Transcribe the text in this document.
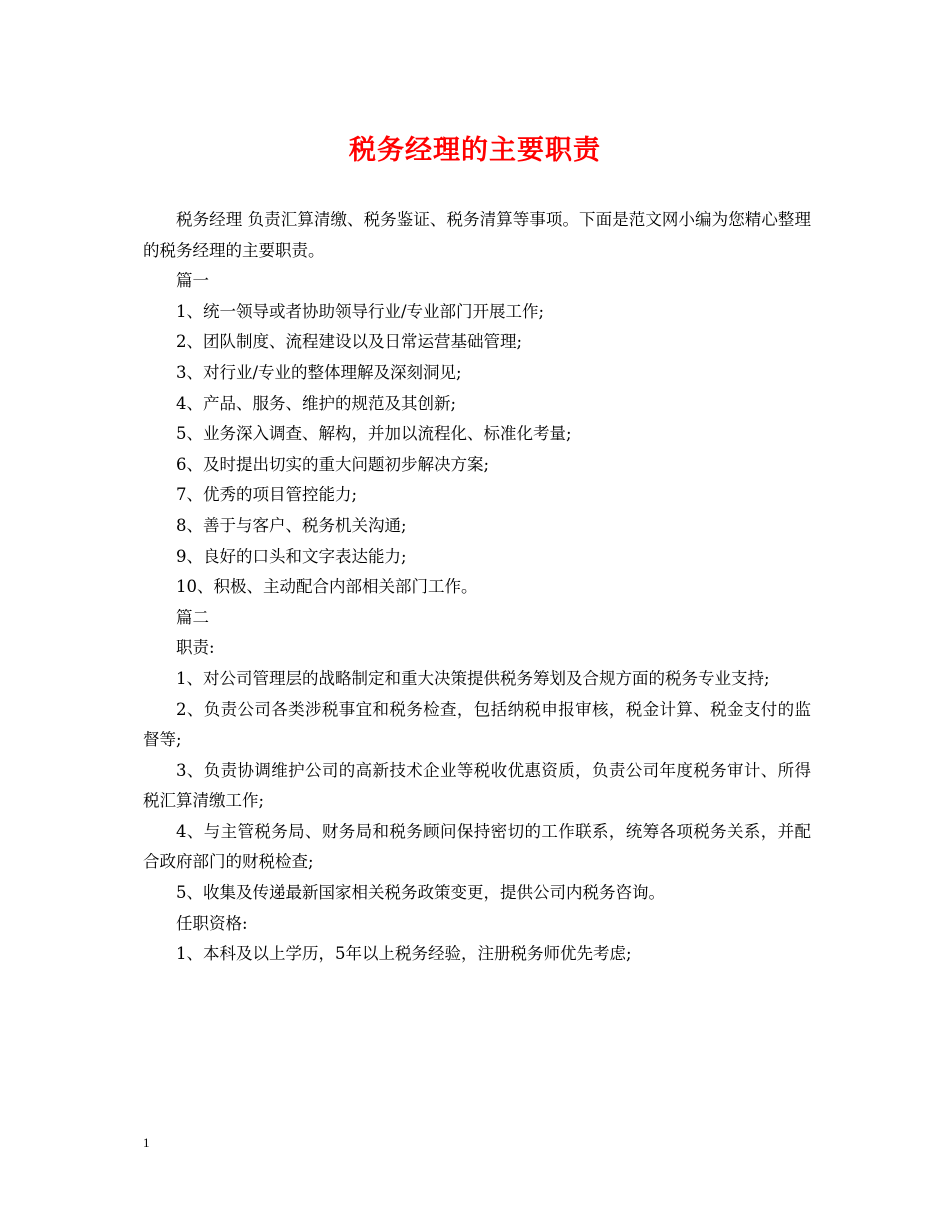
税务经理的主要职责

税务经理 负责汇算清缴、税务鉴证、税务清算等事项。下面是范文网小编为您精心整理的税务经理的主要职责。

篇一

1、统一领导或者协助领导行业/专业部门开展工作;

2、团队制度、流程建设以及日常运营基础管理;

3、对行业/专业的整体理解及深刻洞见;

4、产品、服务、维护的规范及其创新;

5、业务深入调查、解构，并加以流程化、标准化考量;

6、及时提出切实的重大问题初步解决方案;

7、优秀的项目管控能力;

8、善于与客户、税务机关沟通;

9、良好的口头和文字表达能力;

10、积极、主动配合内部相关部门工作。

篇二

职责:

1、对公司管理层的战略制定和重大决策提供税务筹划及合规方面的税务专业支持;

2、负责公司各类涉税事宜和税务检查，包括纳税申报审核，税金计算、税金支付的监督等;

3、负责协调维护公司的高新技术企业等税收优惠资质，负责公司年度税务审计、所得税汇算清缴工作;

4、与主管税务局、财务局和税务顾问保持密切的工作联系，统筹各项税务关系，并配合政府部门的财税检查;

5、收集及传递最新国家相关税务政策变更，提供公司内税务咨询。

任职资格:

1、本科及以上学历，5年以上税务经验，注册税务师优先考虑;

1
